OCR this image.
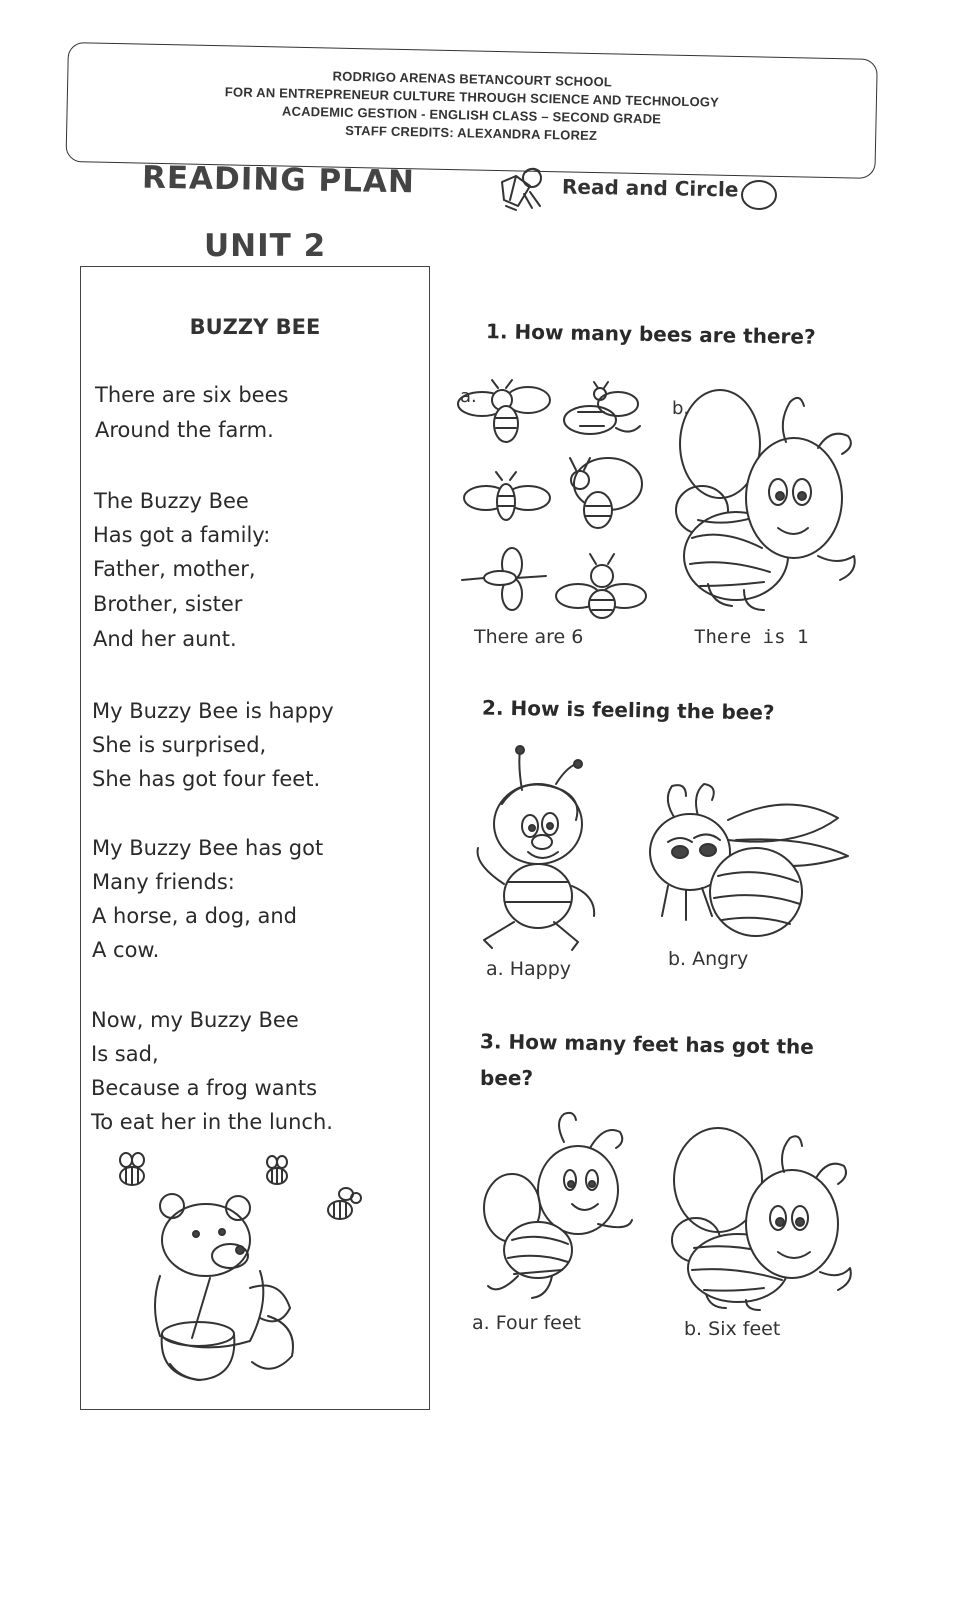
RODRIGO ARENAS BETANCOURT SCHOOL
FOR AN ENTREPRENEUR CULTURE THROUGH SCIENCE AND TECHNOLOGY
ACADEMIC GESTION - ENGLISH CLASS – SECOND GRADE
STAFF CREDITS: ALEXANDRA FLOREZ
READING PLAN
UNIT 2
Read and Circle
BUZZY BEE
There are six bees
Around the farm.
The Buzzy Bee
Has got a family:
Father, mother,
Brother, sister
And her aunt.
My Buzzy Bee is happy
She is surprised,
She has got four feet.
My Buzzy Bee has got
Many friends:
A horse, a dog, and
A cow.
Now, my Buzzy Bee
Is sad,
Because a frog wants
To eat her in the lunch.
1. How many bees are there?
a.
b.
There are 6	There is 1
2. How is feeling the bee?
a. Happy	b. Angry
3. How many feet has got the
bee?
a. Four feet	b. Six feet
